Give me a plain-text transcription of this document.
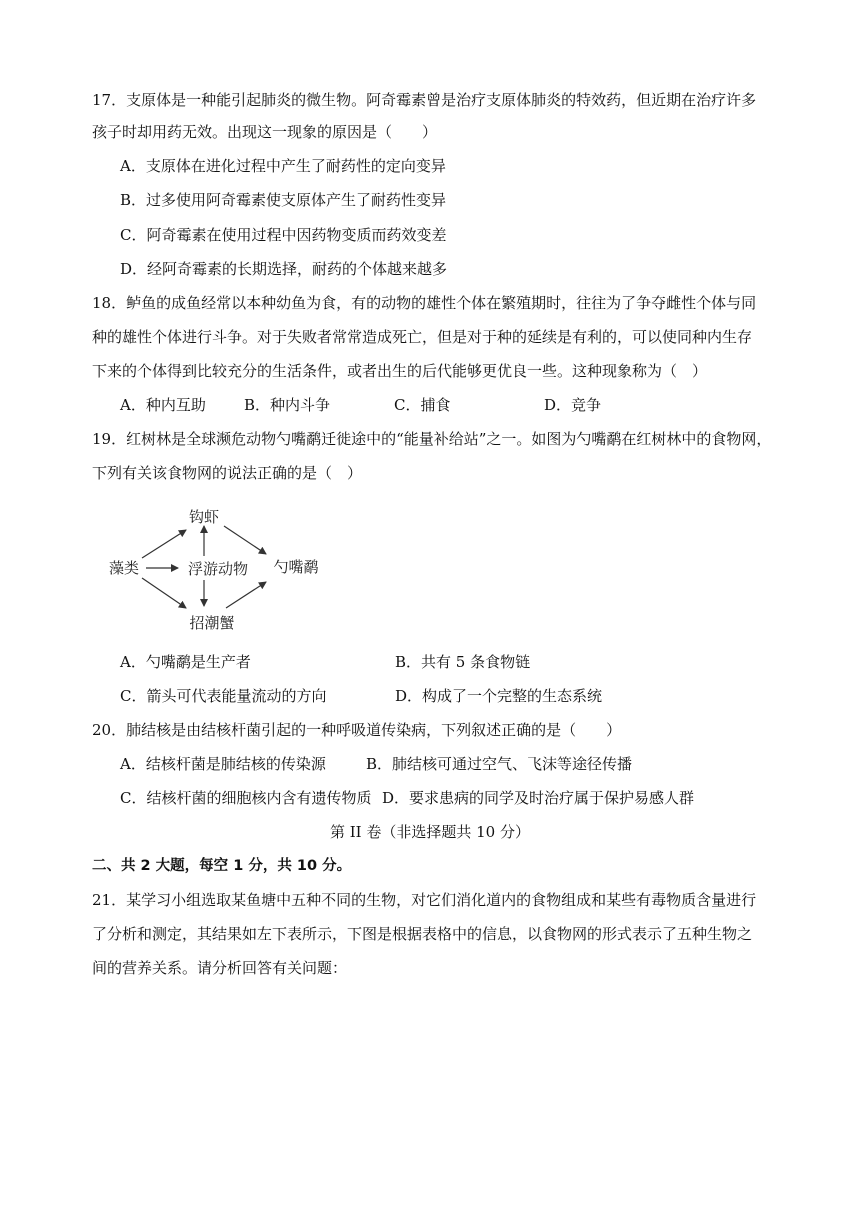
17．支原体是一种能引起肺炎的微生物。阿奇霉素曾是治疗支原体肺炎的特效药，但近期在治疗许多
孩子时却用药无效。出现这一现象的原因是（　　）
A．支原体在进化过程中产生了耐药性的定向变异
B．过多使用阿奇霉素使支原体产生了耐药性变异
C．阿奇霉素在使用过程中因药物变质而药效变差
D．经阿奇霉素的长期选择，耐药的个体越来越多
18．鲈鱼的成鱼经常以本种幼鱼为食，有的动物的雄性个体在繁殖期时，往往为了争夺雌性个体与同
种的雄性个体进行斗争。对于失败者常常造成死亡，但是对于种的延续是有利的，可以使同种内生存
下来的个体得到比较充分的生活条件，或者出生的后代能够更优良一些。这种现象称为（　）
A．种内互助	B．种内斗争	C．捕食	D．竞争
19．红树林是全球濒危动物勺嘴鹬迁徙途中的“能量补给站”之一。如图为勺嘴鹬在红树林中的食物网，
下列有关该食物网的说法正确的是（　）
钩虾
藻类	浮游动物 勺嘴鹬
招潮蟹
A．勺嘴鹬是生产者	B．共有 5 条食物链
C．箭头可代表能量流动的方向	D．构成了一个完整的生态系统
20．肺结核是由结核杆菌引起的一种呼吸道传染病，下列叙述正确的是（　　）
A．结核杆菌是肺结核的传染源	B．肺结核可通过空气、飞沫等途径传播
C．结核杆菌的细胞核内含有遗传物质 D．要求患病的同学及时治疗属于保护易感人群
第 II 卷（非选择题共 10 分）
二、共 2 大题，每空 1 分，共 10 分。
21．某学习小组选取某鱼塘中五种不同的生物，对它们消化道内的食物组成和某些有毒物质含量进行
了分析和测定，其结果如左下表所示，下图是根据表格中的信息，以食物网的形式表示了五种生物之
间的营养关系。请分析回答有关问题：
